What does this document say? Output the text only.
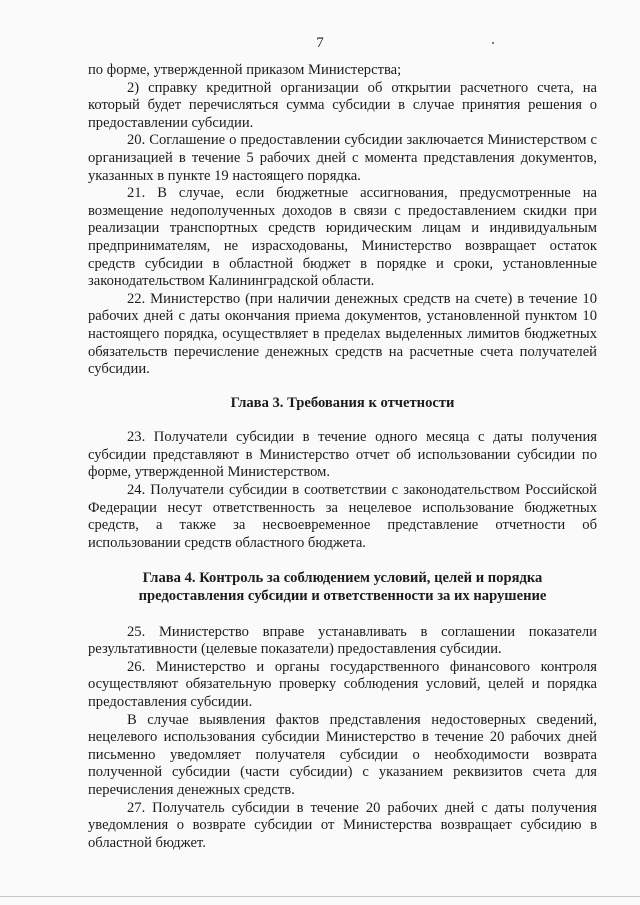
7

по форме, утвержденной приказом Министерства;

2) справку кредитной организации об открытии расчетного счета, на который будет перечисляться сумма субсидии в случае принятия решения о предоставлении субсидии.

20. Соглашение о предоставлении субсидии заключается Министерством с организацией в течение 5 рабочих дней с момента представления документов, указанных в пункте 19 настоящего порядка.

21. В случае, если бюджетные ассигнования, предусмотренные на возмещение недополученных доходов в связи с предоставлением скидки при реализации транспортных средств юридическим лицам и индивидуальным предпринимателям, не израсходованы, Министерство возвращает остаток средств субсидии в областной бюджет в порядке и сроки, установленные законодательством Калининградской области.

22. Министерство (при наличии денежных средств на счете) в течение 10 рабочих дней с даты окончания приема документов, установленной пунктом 10 настоящего порядка, осуществляет в пределах выделенных лимитов бюджетных обязательств перечисление денежных средств на расчетные счета получателей субсидии.

Глава 3. Требования к отчетности

23. Получатели субсидии в течение одного месяца с даты получения субсидии представляют в Министерство отчет об использовании субсидии по форме, утвержденной Министерством.

24. Получатели субсидии в соответствии с законодательством Российской Федерации несут ответственность за нецелевое использование бюджетных средств, а также за несвоевременное представление отчетности об использовании средств областного бюджета.

Глава 4. Контроль за соблюдением условий, целей и порядка
предоставления субсидии и ответственности за их нарушение

25. Министерство вправе устанавливать в соглашении показатели результативности (целевые показатели) предоставления субсидии.

26. Министерство и органы государственного финансового контроля осуществляют обязательную проверку соблюдения условий, целей и порядка предоставления субсидии.

В случае выявления фактов представления недостоверных сведений, нецелевого использования субсидии Министерство в течение 20 рабочих дней письменно уведомляет получателя субсидии о необходимости возврата полученной субсидии (части субсидии) с указанием реквизитов счета для перечисления денежных средств.

27. Получатель субсидии в течение 20 рабочих дней с даты получения уведомления о возврате субсидии от Министерства возвращает субсидию в областной бюджет.
